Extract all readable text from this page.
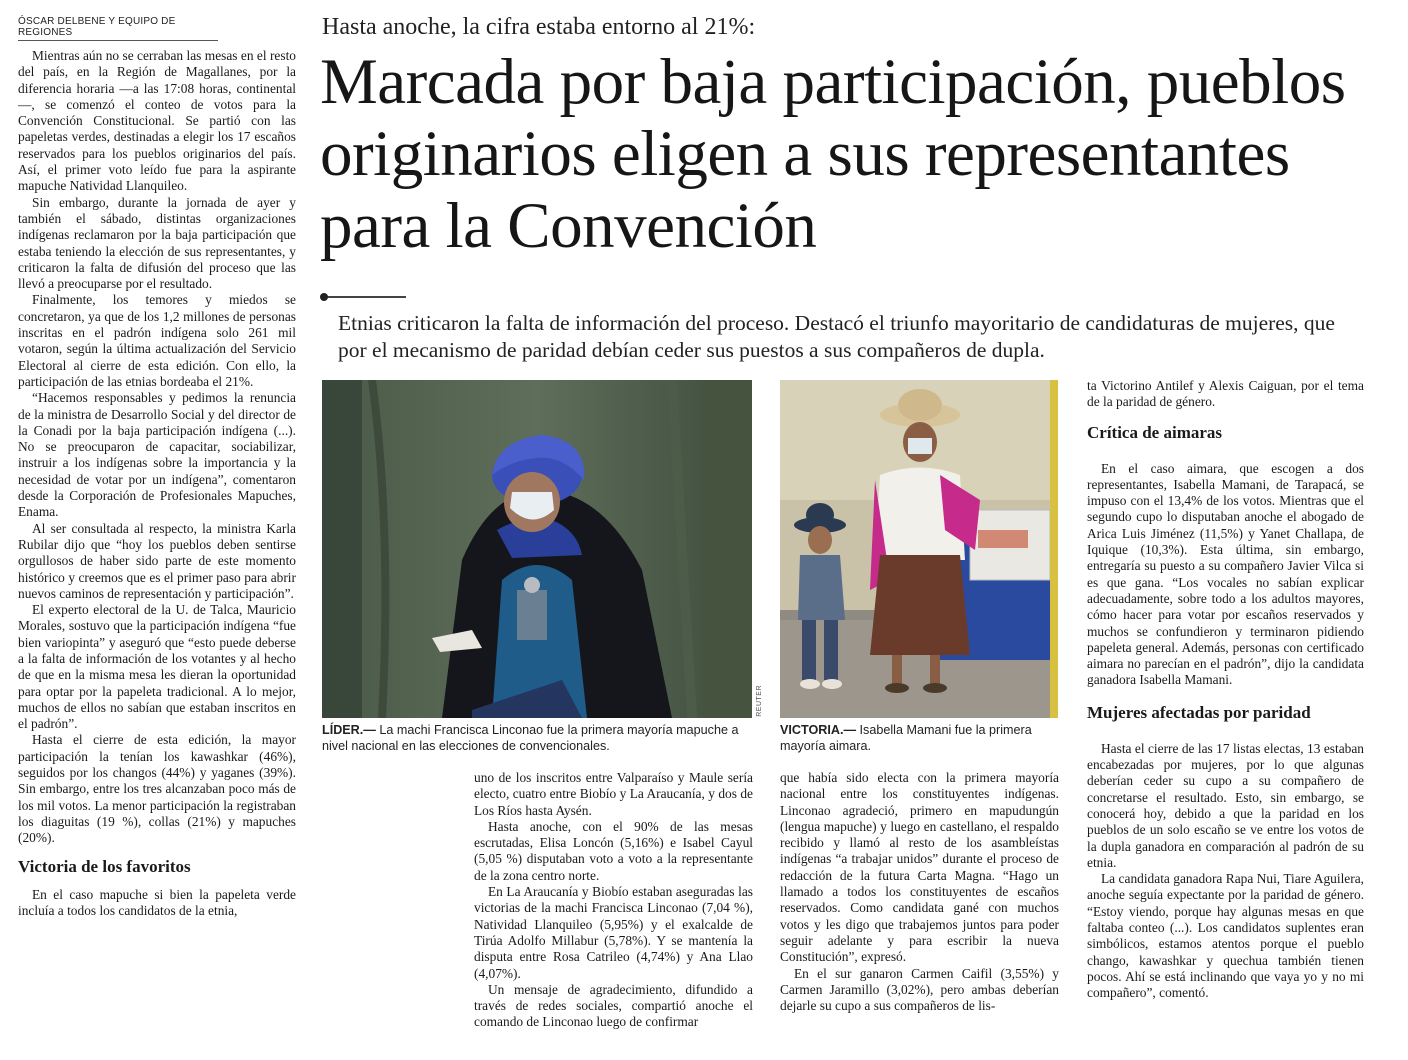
ÓSCAR DELBENE Y EQUIPO DE REGIONES

Mientras aún no se cerraban las mesas en el resto del país, en la Región de Magallanes, por la diferencia horaria —a las 17:08 horas, continental—, se comenzó el conteo de votos para la Convención Constitucional. Se partió con las papeletas verdes, destinadas a elegir los 17 escaños reservados para los pueblos originarios del país. Así, el primer voto leído fue para la aspirante mapuche Natividad Llanquileo.

Sin embargo, durante la jornada de ayer y también el sábado, distintas organizaciones indígenas reclamaron por la baja participación que estaba teniendo la elección de sus representantes, y criticaron la falta de difusión del proceso que las llevó a preocuparse por el resultado.

Finalmente, los temores y miedos se concretaron, ya que de los 1,2 millones de personas inscritas en el padrón indígena solo 261 mil votaron, según la última actualización del Servicio Electoral al cierre de esta edición. Con ello, la participación de las etnias bordeaba el 21%.

“Hacemos responsables y pedimos la renuncia de la ministra de Desarrollo Social y del director de la Conadi por la baja participación indígena (...). No se preocuparon de capacitar, sociabilizar, instruir a los indígenas sobre la importancia y la necesidad de votar por un indígena”, comentaron desde la Corporación de Profesionales Mapuches, Enama.

Al ser consultada al respecto, la ministra Karla Rubilar dijo que “hoy los pueblos deben sentirse orgullosos de haber sido parte de este momento histórico y creemos que es el primer paso para abrir nuevos caminos de representación y participación”.

El experto electoral de la U. de Talca, Mauricio Morales, sostuvo que la participación indígena “fue bien variopinta” y aseguró que “esto puede deberse a la falta de información de los votantes y al hecho de que en la misma mesa les dieran la oportunidad para optar por la papeleta tradicional. A lo mejor, muchos de ellos no sabían que estaban inscritos en el padrón”.

Hasta el cierre de esta edición, la mayor participación la tenían los kawashkar (46%), seguidos por los changos (44%) y yaganes (39%). Sin embargo, entre los tres alcanzaban poco más de los mil votos. La menor participación la registraban los diaguitas (19 %), collas (21%) y mapuches (20%).

Victoria de los favoritos

En el caso mapuche si bien la papeleta verde incluía a todos los candidatos de la etnia,

Hasta anoche, la cifra estaba entorno al 21%:
Marcada por baja participación, pueblos originarios eligen a sus representantes para la Convención
Etnias criticaron la falta de información del proceso. Destacó el triunfo mayoritario de candidaturas de mujeres, que por el mecanismo de paridad debían ceder sus puestos a sus compañeros de dupla.
REUTER
LÍDER.— La machi Francisca Linconao fue la primera mayoría mapuche a nivel nacional en las elecciones de convencionales.
VICTORIA.— Isabella Mamani fue la primera mayoría aimara.

uno de los inscritos entre Valparaíso y Maule sería electo, cuatro entre Biobío y La Araucanía, y dos de Los Ríos hasta Aysén.

Hasta anoche, con el 90% de las mesas escrutadas, Elisa Loncón (5,16%) e Isabel Cayul (5,05 %) disputaban voto a voto a la representante de la zona centro norte.

En La Araucanía y Biobío estaban aseguradas las victorias de la machi Francisca Linconao (7,04 %), Natividad Llanquileo (5,95%) y el exalcalde de Tirúa Adolfo Millabur (5,78%). Y se mantenía la disputa entre Rosa Catrileo (4,74%) y Ana Llao (4,07%).

Un mensaje de agradecimiento, difundido a través de redes sociales, compartió anoche el comando de Linconao luego de confirmar

que había sido electa con la primera mayoría nacional entre los constituyentes indígenas. Linconao agradeció, primero en mapudungún (lengua mapuche) y luego en castellano, el respaldo recibido y llamó al resto de los asambleístas indígenas “a trabajar unidos” durante el proceso de redacción de la futura Carta Magna. “Hago un llamado a todos los constituyentes de escaños reservados. Como candidata gané con muchos votos y les digo que trabajemos juntos para poder seguir adelante y para escribir la nueva Constitución”, expresó.

En el sur ganaron Carmen Caifil (3,55%) y Carmen Jaramillo (3,02%), pero ambas deberían dejarle su cupo a sus compañeros de lis-

ta Victorino Antilef y Alexis Caiguan, por el tema de la paridad de género.

Crítica de aimaras

En el caso aimara, que escogen a dos representantes, Isabella Mamani, de Tarapacá, se impuso con el 13,4% de los votos. Mientras que el segundo cupo lo disputaban anoche el abogado de Arica Luis Jiménez (11,5%) y Yanet Challapa, de Iquique (10,3%). Esta última, sin embargo, entregaría su puesto a su compañero Javier Vilca si es que gana. “Los vocales no sabían explicar adecuadamente, sobre todo a los adultos mayores, cómo hacer para votar por escaños reservados y muchos se confundieron y terminaron pidiendo papeleta general. Además, personas con certificado aimara no parecían en el padrón”, dijo la candidata ganadora Isabella Mamani.

Mujeres afectadas por paridad

Hasta el cierre de las 17 listas electas, 13 estaban encabezadas por mujeres, por lo que algunas deberían ceder su cupo a su compañero de concretarse el resultado. Esto, sin embargo, se conocerá hoy, debido a que la paridad en los pueblos de un solo escaño se ve entre los votos de la dupla ganadora en comparación al padrón de su etnia.

La candidata ganadora Rapa Nui, Tiare Aguilera, anoche seguía expectante por la paridad de género. “Estoy viendo, porque hay algunas mesas en que faltaba conteo (...). Los candidatos suplentes eran simbólicos, estamos atentos porque el pueblo chango, kawashkar y quechua también tienen pocos. Ahí se está inclinando que vaya yo y no mi compañero”, comentó.
